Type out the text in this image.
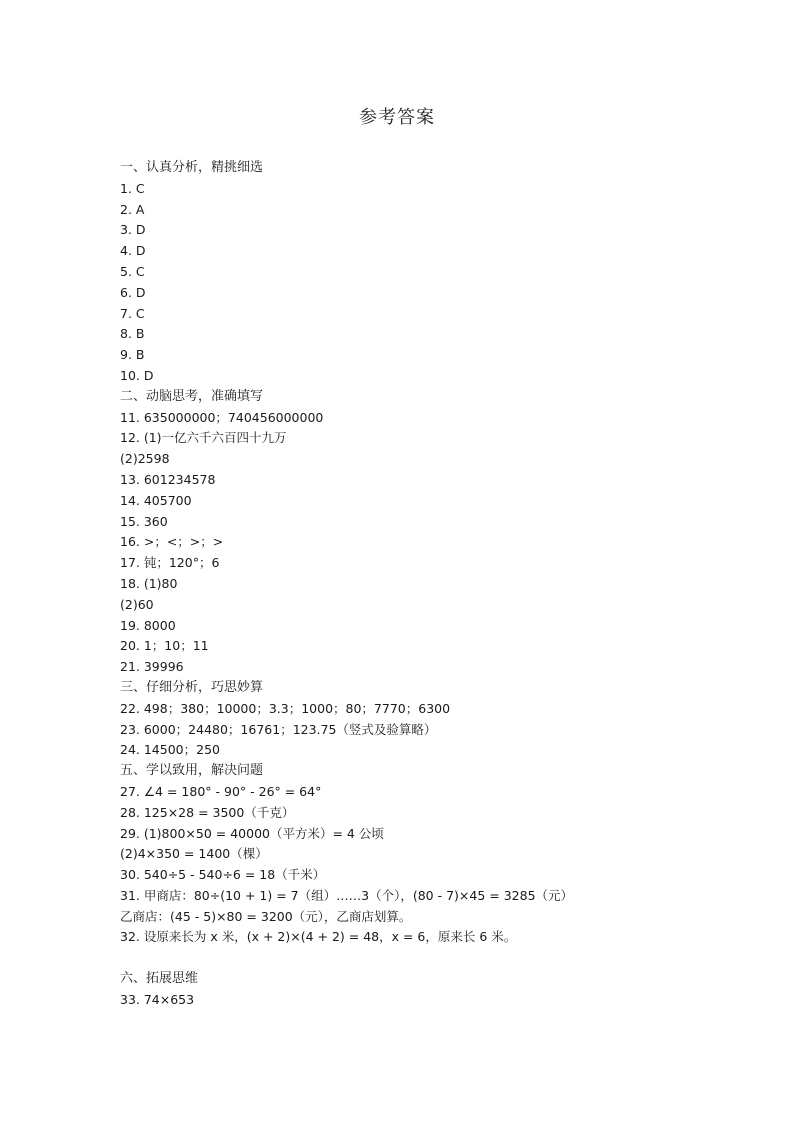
参考答案
一、认真分析，精挑细选
1. C
2. A
3. D
4. D
5. C
6. D
7. C
8. B
9. B
10. D
二、动脑思考，准确填写
11. 635000000；740456000000
12. (1)一亿六千六百四十九万
(2)2598
13. 601234578
14. 405700
15. 360
16. >；<；>；>
17. 钝；120°；6
18. (1)80
(2)60
19. 8000
20. 1；10；11
21. 39996
三、仔细分析，巧思妙算
22. 498；380；10000；3.3；1000；80；7770；6300
23. 6000；24480；16761；123.75（竖式及验算略）
24. 14500；250
五、学以致用，解决问题
27. ∠4 = 180° - 90° - 26° = 64°
28. 125×28 = 3500（千克）
29. (1)800×50 = 40000（平方米）= 4 公顷
(2)4×350 = 1400（棵）
30. 540÷5 - 540÷6 = 18（千米）
31. 甲商店：80÷(10 + 1) = 7（组）……3（个），(80 - 7)×45 = 3285（元）
乙商店：(45 - 5)×80 = 3200（元），乙商店划算。
32. 设原来长为 x 米，(x + 2)×(4 + 2) = 48，x = 6，原来长 6 米。
六、拓展思维
33. 74×653
